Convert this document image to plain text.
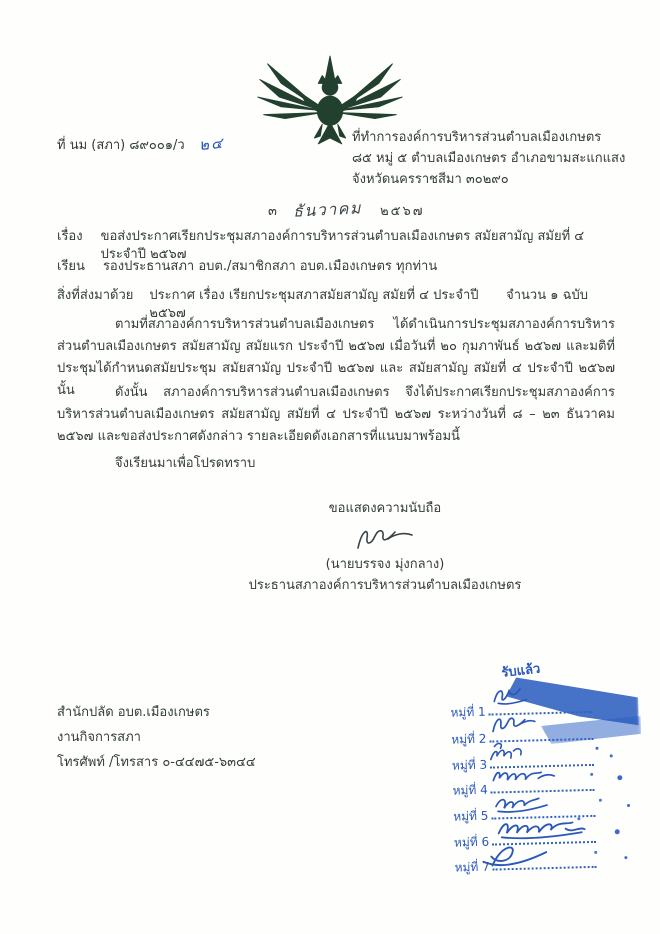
ที่ นม (สภา) ๘๙๐๐๑/ว ๒๔	ที่ทำการองค์การบริหารส่วนตำบลเมืองเกษตร
๘๕ หมู่ ๕ ตำบลเมืองเกษตร อำเภอขามสะแกแสง
จังหวัดนครราชสีมา ๓๐๒๙๐
๓ ธันวาคม ๒๕๖๗
เรื่อง ขอส่งประกาศเรียกประชุมสภาองค์การบริหารส่วนตำบลเมืองเกษตร สมัยสามัญ สมัยที่ ๔ ประจำปี ๒๕๖๗
เรียน รองประธานสภา อบต./สมาชิกสภา อบต.เมืองเกษตร ทุกท่าน
สิ่งที่ส่งมาด้วย ประกาศ เรื่อง เรียกประชุมสภาสมัยสามัญ สมัยที่ ๔ ประจำปี ๒๕๖๗
จำนวน ๑ ฉบับ
ตามที่สภาองค์การบริหารส่วนตำบลเมืองเกษตร ได้ดำเนินการประชุมสภาองค์การบริหารส่วนตำบลเมืองเกษตร สมัยสามัญ สมัยแรก ประจำปี ๒๕๖๗ เมื่อวันที่ ๒๐ กุมภาพันธ์ ๒๕๖๗ และมติที่ประชุมได้กำหนดสมัยประชุม สมัยสามัญ ประจำปี ๒๕๖๗ และ สมัยสามัญ สมัยที่ ๔ ประจำปี ๒๕๖๗ นั้น	ดังนั้น สภาองค์การบริหารส่วนตำบลเมืองเกษตร จึงได้ประกาศเรียกประชุมสภาองค์การบริหารส่วนตำบลเมืองเกษตร สมัยสามัญ สมัยที่ ๔ ประจำปี ๒๕๖๗ ระหว่างวันที่ ๘ – ๒๓ ธันวาคม ๒๕๖๗ และขอส่งประกาศดังกล่าว รายละเอียดดังเอกสารที่แนบมาพร้อมนี้
จึงเรียนมาเพื่อโปรดทราบ
ขอแสดงความนับถือ
(นายบรรจง มุ่งกลาง)
ประธานสภาองค์การบริหารส่วนตำบลเมืองเกษตร
สำนักปลัด อบต.เมืองเกษตร
งานกิจการสภา
โทรศัพท์ /โทรสาร ๐-๔๔๗๕-๖๓๔๔
รับแล้ว
หมู่ที่ 1
หมู่ที่ 2
หมู่ที่ 3
หมู่ที่ 4
หมู่ที่ 5
หมู่ที่ 6
หมู่ที่ 7
